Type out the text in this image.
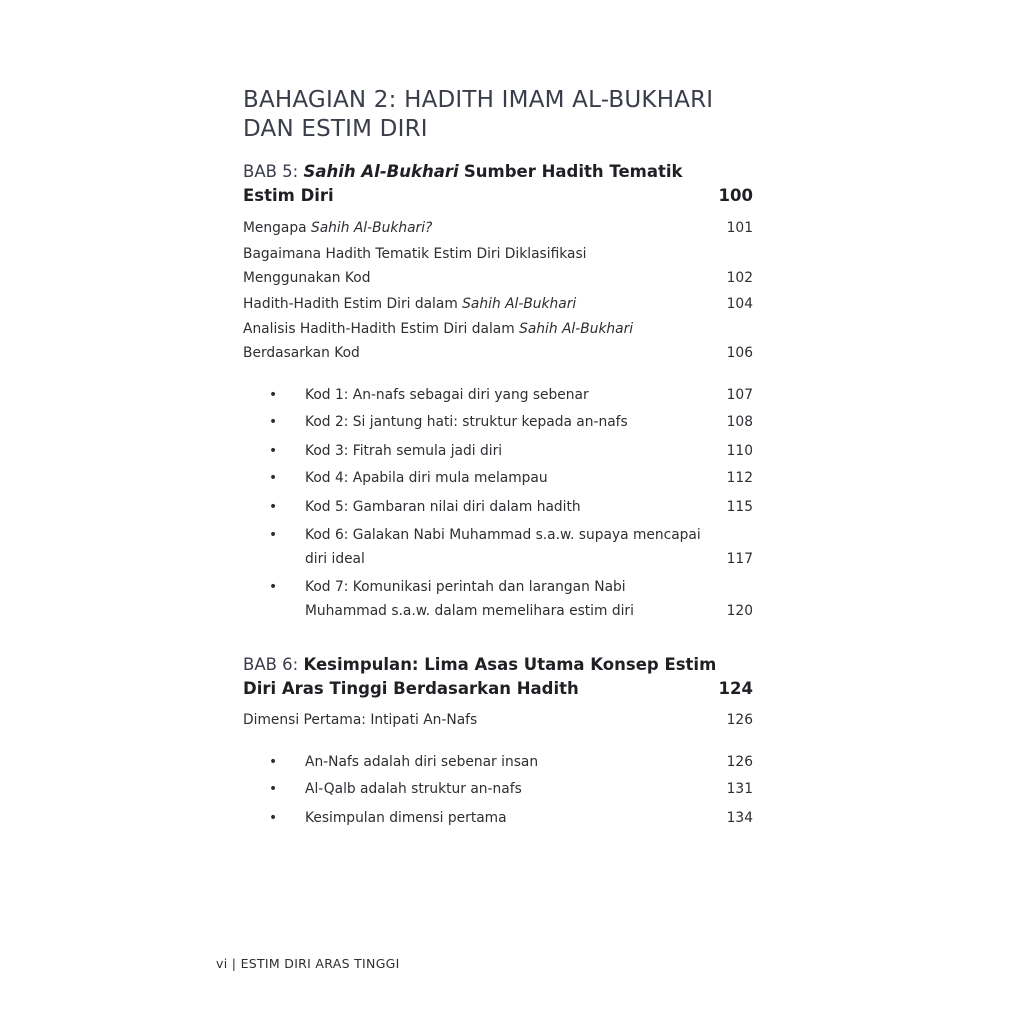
BAHAGIAN 2: HADITH IMAM AL-BUKHARI
DAN ESTIM DIRI
BAB 5: Sahih Al-Bukhari Sumber Hadith Tematik
Estim Diri	100
Mengapa Sahih Al-Bukhari?	101
Bagaimana Hadith Tematik Estim Diri Diklasifikasi
Menggunakan Kod	102
Hadith-Hadith Estim Diri dalam Sahih Al-Bukhari	104
Analisis Hadith-Hadith Estim Diri dalam Sahih Al-Bukhari
Berdasarkan Kod	106
• Kod 1: An-nafs sebagai diri yang sebenar	107
• Kod 2: Si jantung hati: struktur kepada an-nafs	108
• Kod 3: Fitrah semula jadi diri	110
• Kod 4: Apabila diri mula melampau	112
• Kod 5: Gambaran nilai diri dalam hadith	115
• Kod 6: Galakan Nabi Muhammad s.a.w. supaya mencapai
diri ideal	117
• Kod 7: Komunikasi perintah dan larangan Nabi
Muhammad s.a.w. dalam memelihara estim diri	120
BAB 6: Kesimpulan: Lima Asas Utama Konsep Estim
Diri Aras Tinggi Berdasarkan Hadith	124
Dimensi Pertama: Intipati An-Nafs	126
• An-Nafs adalah diri sebenar insan	126
• Al-Qalb adalah struktur an-nafs	131
• Kesimpulan dimensi pertama	134
vi | ESTIM DIRI ARAS TINGGI
